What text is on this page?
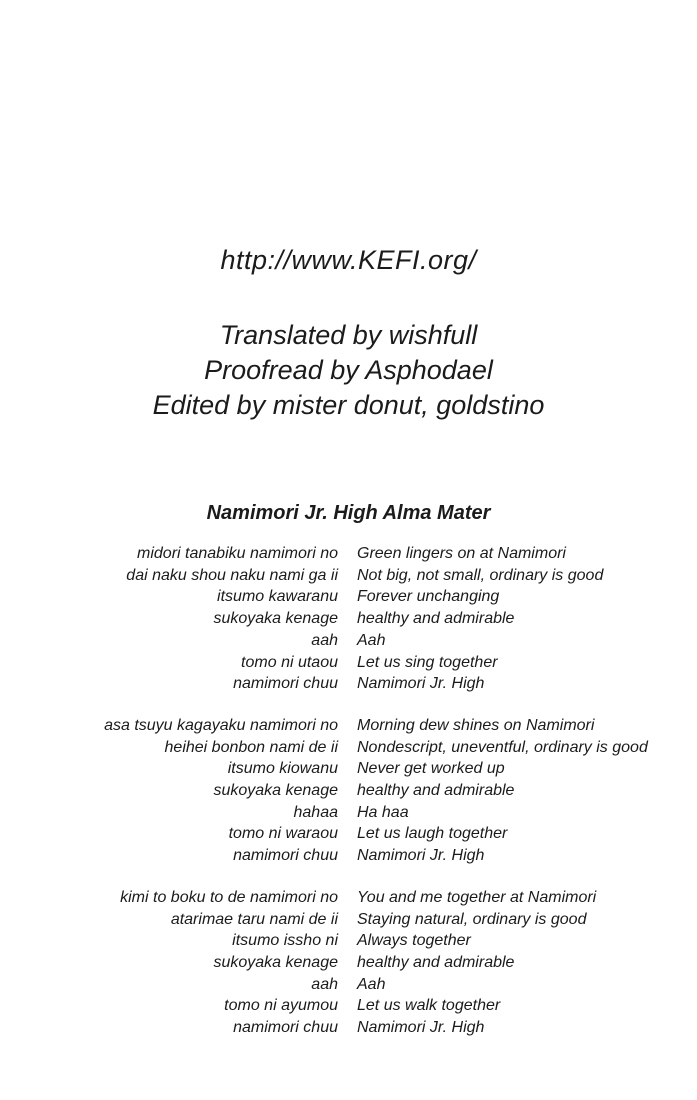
http://www.KEFI.org/
Translated by wishfull
Proofread by Asphodael
Edited by mister donut, goldstino
Namimori Jr. High Alma Mater
midori tanabiku namimori no	Green lingers on at Namimori
dai naku shou naku nami ga ii	Not big, not small, ordinary is good
itsumo kawaranu	Forever unchanging
sukoyaka kenage	healthy and admirable
aah	Aah
tomo ni utaou	Let us sing together
namimori chuu	Namimori Jr. High
asa tsuyu kagayaku namimori no	Morning dew shines on Namimori
heihei bonbon nami de ii	Nondescript, uneventful, ordinary is good
itsumo kiowanu	Never get worked up
sukoyaka kenage	healthy and admirable
hahaa	Ha haa
tomo ni waraou	Let us laugh together
namimori chuu	Namimori Jr. High
kimi to boku to de namimori no	You and me together at Namimori
atarimae taru nami de ii	Staying natural, ordinary is good
itsumo issho ni	Always together
sukoyaka kenage	healthy and admirable
aah	Aah
tomo ni ayumou	Let us walk together
namimori chuu	Namimori Jr. High
